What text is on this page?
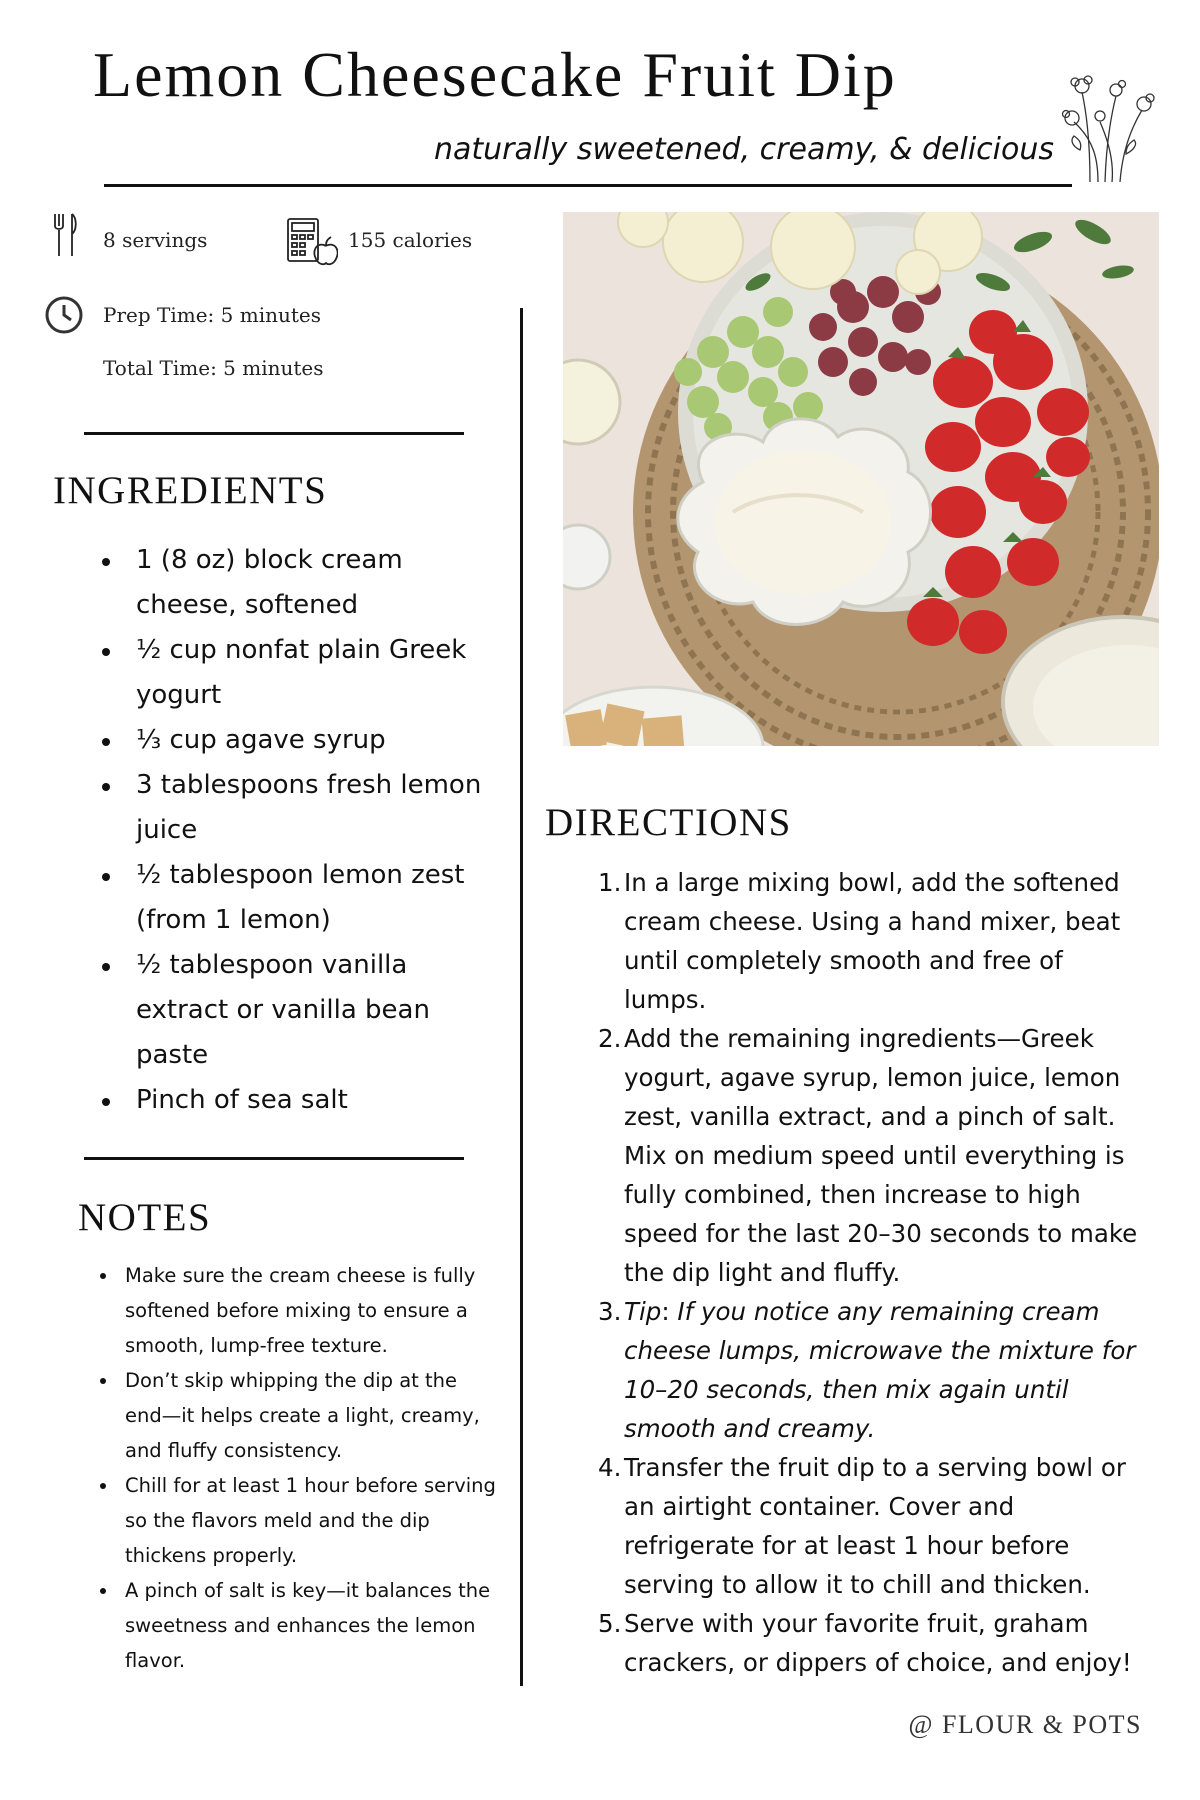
Lemon Cheesecake Fruit Dip
naturally sweetened, creamy, & delicious
8 servings	155 calories
Prep Time: 5 minutes
Total Time: 5 minutes
INGREDIENTS
1 (8 oz) block cream cheese, softened
½ cup nonfat plain Greek yogurt
⅓ cup agave syrup
3 tablespoons fresh lemon juice
½ tablespoon lemon zest (from 1 lemon)
½ tablespoon vanilla extract or vanilla bean paste
Pinch of sea salt
NOTES
Make sure the cream cheese is fully softened before mixing to ensure a smooth, lump-free texture.
Don’t skip whipping the dip at the end—it helps create a light, creamy, and fluffy consistency.
Chill for at least 1 hour before serving so the flavors meld and the dip thickens properly.
A pinch of salt is key—it balances the sweetness and enhances the lemon flavor.
DIRECTIONS
1. In a large mixing bowl, add the softened cream cheese. Using a hand mixer, beat until completely smooth and free of lumps.
2. Add the remaining ingredients—Greek yogurt, agave syrup, lemon juice, lemon zest, vanilla extract, and a pinch of salt. Mix on medium speed until everything is fully combined, then increase to high speed for the last 20–30 seconds to make the dip light and fluffy.
3. Tip: If you notice any remaining cream cheese lumps, microwave the mixture for 10–20 seconds, then mix again until smooth and creamy.
4. Transfer the fruit dip to a serving bowl or an airtight container. Cover and refrigerate for at least 1 hour before serving to allow it to chill and thicken.
5. Serve with your favorite fruit, graham crackers, or dippers of choice, and enjoy!
@ FLOUR & POTS
